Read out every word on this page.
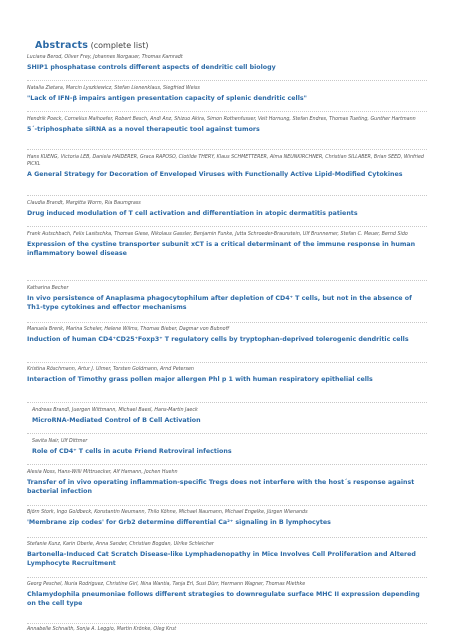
Abstracts (complete list)
Luciana Berod, Oliver Frey, Johannes Norgauer, Thomas Kamradt
SHIP1 phosphatase controls different aspects of dendritic cell biology
Natalia Zietara, Marcin Lyszkiewicz, Stefan Lienenklaus, Siegfried Weiss
"Lack of IFN-β impairs antigen presentation capacity of splenic dendritic cells"
Hendrik Poeck, Cornelius Maihoefer, Robert Besch, Andi Anz, Shizuo Akira, Simon Rothenfusser, Veit Hornung, Stefan Endres, Thomas Tueting, Gunther Hartmann
5´-triphosphate siRNA as a novel therapeutic tool against tumors
Hans KUENG, Victoria LEB, Daniela HAIDERER, Graca RAPOSO, Clotilde THERY, Klaus SCHMETTERER, Alma NEUNKIRCHNER, Christian SILLABER, Brian SEED, Winfried PICKL
A General Strategy for Decoration of Enveloped Viruses with Functionally Active Lipid-Modified Cytokines
Claudia Brandt, Margitta Worm, Ria Baumgrass
Drug induced modulation of T cell activation and differentiation in atopic dermatitis patients
Frank Autschbach, Felix Lasitschka, Thomas Giese, Nikolaus Gassler, Benjamin Funke, Jutta Schroeder-Braunstein, Ulf Brunnemer, Stefan C. Meuer, Bernd Sido
Expression of the cystine transporter subunit xCT is a critical determinant of the immune response in human inflammatory bowel disease
Katharina Becher
In vivo persistence of Anaplasma phagocytophilum after depletion of CD4⁺ T cells, but not in the absence of Th1-type cytokines and effector mechanisms
Manuela Brenk, Marina Scheler, Helene Wilms, Thomas Bieber, Dagmar von Bubnoff
Induction of human CD4⁺CD25⁺Foxp3⁺ T regulatory cells by tryptophan-deprived tolerogenic dendritic cells
Kristina Röschmann, Artur J. Ulmer, Torsten Goldmann, Arnd Petersen
Interaction of Timothy grass pollen major allergen Phl p 1 with human respiratory epithelial cells
Andreas Brandl, Juergen Wittmann, Michael Baesl, Hans-Martin Jaeck
MicroRNA-Mediated Control of B Cell Activation
Savita Nair, Ulf Dittmer
Role of CD4⁺ T cells in acute Friend Retroviral infections
Alexia Noss, Hans-Willi Mittruecker, Alf Hamann, Jochen Huehn
Transfer of in vivo operating inflammation-specific Tregs does not interfere with the host´s response against bacterial infection
Björn Stork, Ingo Goldbeck, Konstantin Neumann, Thilo Köhne, Michael Naumann, Michael Engelke, Jürgen Wienands
'Membrane zip codes' for Grb2 determine differential Ca²⁺ signaling in B lymphocytes
Stefanie Kunz, Karin Oberle, Anna Sander, Christian Bogdan, Ulrike Schleicher
Bartonella-Induced Cat Scratch Disease-like Lymphadenopathy in Mice Involves Cell Proliferation and Altered Lymphocyte Recruitment
Georg Peschel, Nuria Rodriguez, Christine Girl, Nina Wantia, Tanja Erl, Susi Dürr, Hermann Wagner, Thomas Miethke
Chlamydophila pneumoniae follows different strategies to downregulate surface MHC II expression depending on the cell type
Annabelle Schnaith, Sonja A. Leggio, Martin Krönke, Oleg Krut
